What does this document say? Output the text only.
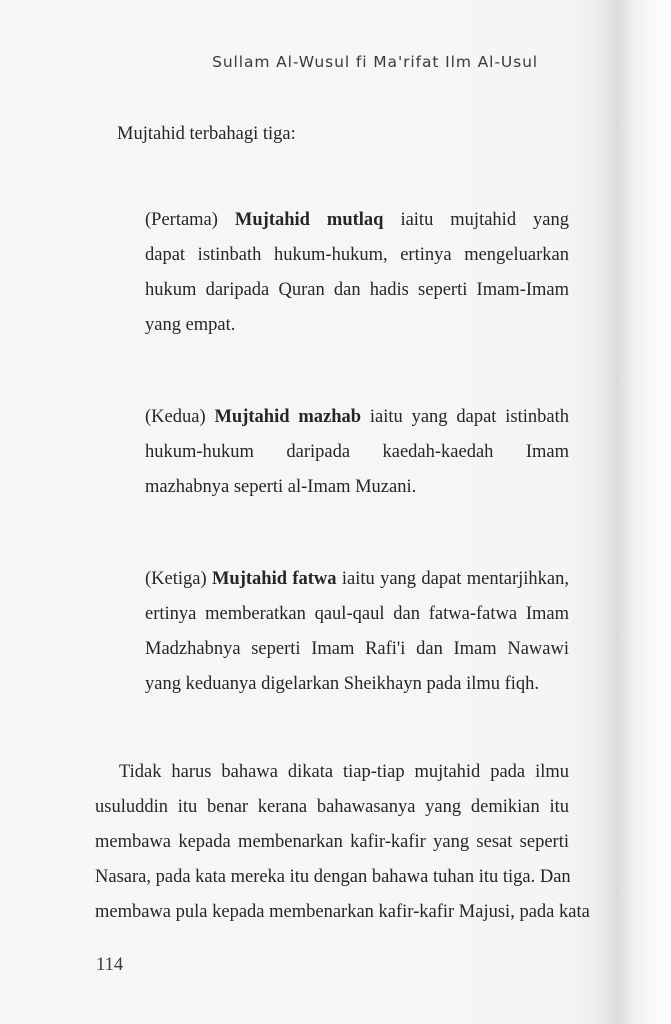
Sullam Al-Wusul fi Ma'rifat Ilm Al-Usul
Mujtahid terbahagi tiga:
(Pertama) Mujtahid mutlaq iaitu mujtahid yang
dapat istinbath hukum-hukum, ertinya mengeluarkan
hukum daripada Quran dan hadis seperti Imam-Imam
yang empat.
(Kedua) Mujtahid mazhab iaitu yang dapat istinbath
hukum-hukum daripada kaedah-kaedah Imam
mazhabnya seperti al-Imam Muzani.
(Ketiga) Mujtahid fatwa iaitu yang dapat mentarjihkan,
ertinya memberatkan qaul-qaul dan fatwa-fatwa Imam
Madzhabnya seperti Imam Rafi'i dan Imam Nawawi
yang keduanya digelarkan Sheikhayn pada ilmu fiqh.
Tidak harus bahawa dikata tiap-tiap mujtahid pada ilmu
usuluddin itu benar kerana bahawasanya yang demikian itu
membawa kepada membenarkan kafir-kafir yang sesat seperti
Nasara, pada kata mereka itu dengan bahawa tuhan itu tiga. Dan
membawa pula kepada membenarkan kafir-kafir Majusi, pada kata
114
